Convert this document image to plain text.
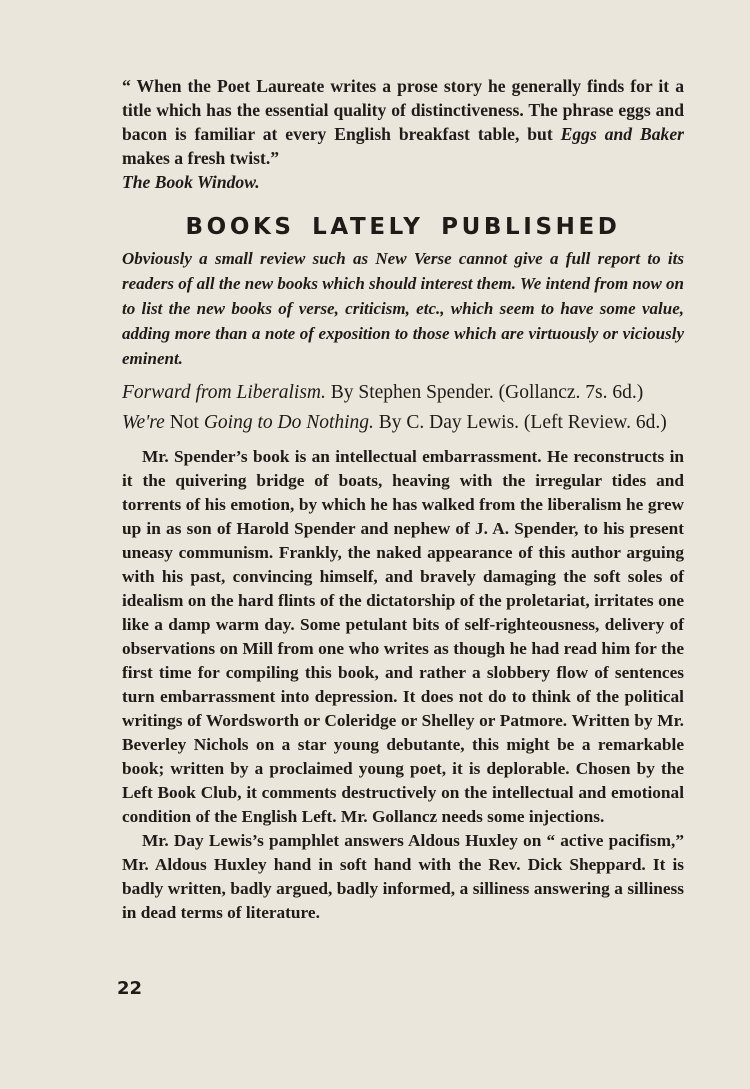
“ When the Poet Laureate writes a prose story he generally finds for it a title which has the essential quality of distinctiveness. The phrase eggs and bacon is familiar at every English breakfast table, but Eggs and Baker makes a fresh twist.”

The Book Window.

BOOKS LATELY PUBLISHED

Obviously a small review such as New Verse cannot give a full report to its readers of all the new books which should interest them. We intend from now on to list the new books of verse, criticism, etc., which seem to have some value, adding more than a note of exposition to those which are virtuously or viciously eminent.

Forward from Liberalism. By Stephen Spender. (Gollancz. 7s. 6d.)

We're Not Going to Do Nothing. By C. Day Lewis. (Left Review. 6d.)

Mr. Spender’s book is an intellectual embarrassment. He reconstructs in it the quivering bridge of boats, heaving with the irregular tides and torrents of his emotion, by which he has walked from the liberalism he grew up in as son of Harold Spender and nephew of J. A. Spender, to his present uneasy communism. Frankly, the naked appearance of this author arguing with his past, convincing himself, and bravely damaging the soft soles of idealism on the hard flints of the dictatorship of the proletariat, irritates one like a damp warm day. Some petulant bits of self-righteousness, delivery of observations on Mill from one who writes as though he had read him for the first time for compiling this book, and rather a slobbery flow of sentences turn embarrassment into depression. It does not do to think of the political writings of Wordsworth or Coleridge or Shelley or Patmore. Written by Mr. Beverley Nichols on a star young debutante, this might be a remarkable book; written by a proclaimed young poet, it is deplorable. Chosen by the Left Book Club, it comments destructively on the intellectual and emotional condition of the English Left. Mr. Gollancz needs some injections.

Mr. Day Lewis’s pamphlet answers Aldous Huxley on “ active pacifism,” Mr. Aldous Huxley hand in soft hand with the Rev. Dick Sheppard. It is badly written, badly argued, badly informed, a silliness answering a silliness in dead terms of literature.

22
